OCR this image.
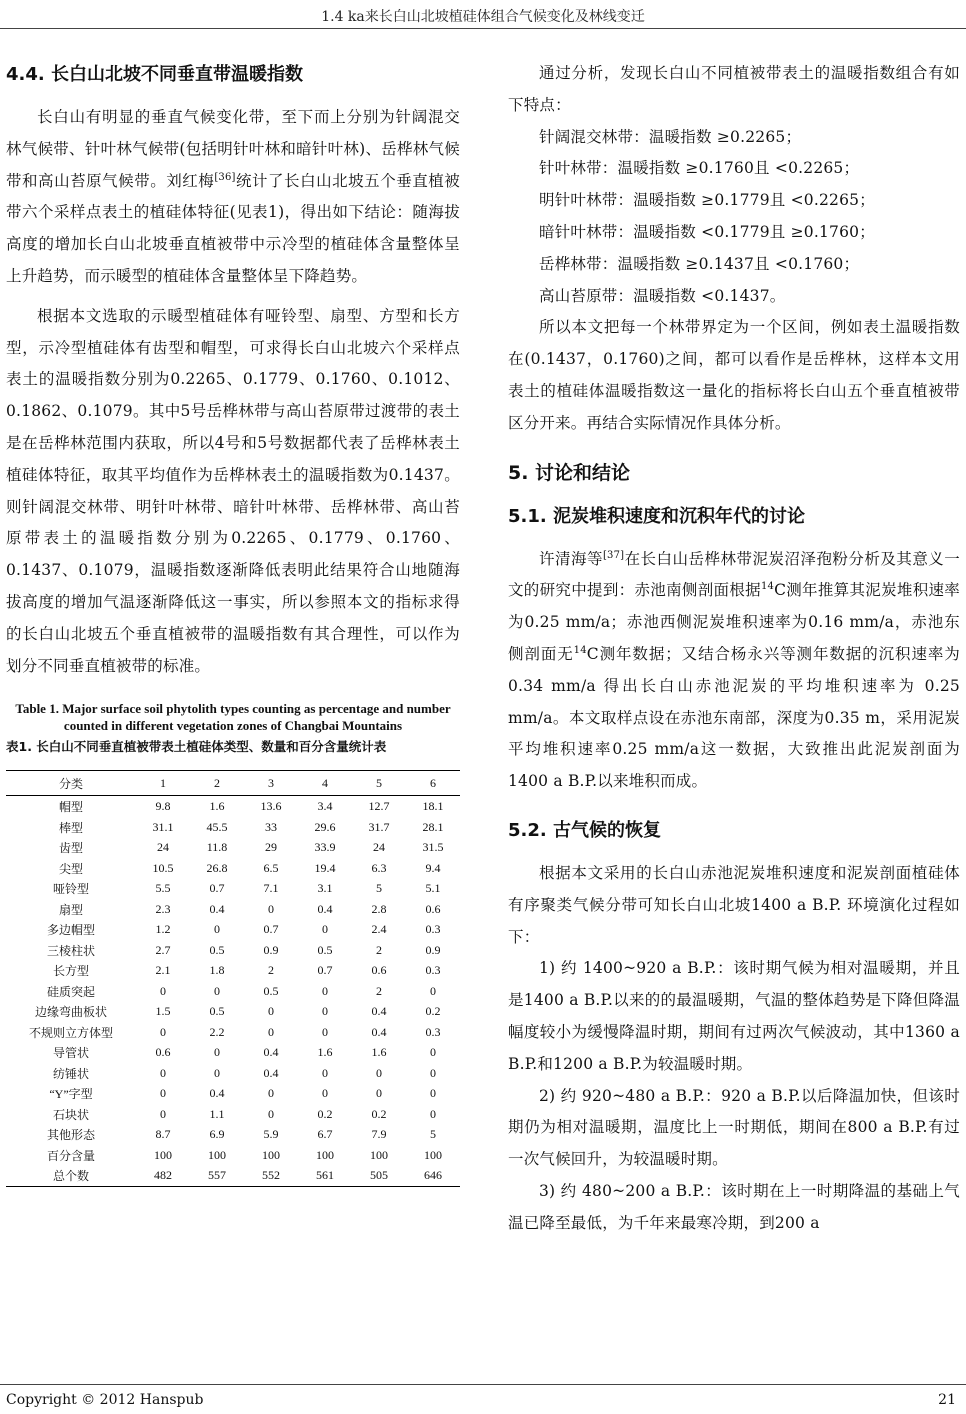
1.4 ka来长白山北坡植硅体组合气候变化及林线变迁
4.4. 长白山北坡不同垂直带温暖指数

长白山有明显的垂直气候变化带，至下而上分别为针阔混交林气候带、针叶林气候带(包括明针叶林和暗针叶林)、岳桦林气候带和高山苔原气候带。刘红梅[36]统计了长白山北坡五个垂直植被带六个采样点表土的植硅体特征(见表1)，得出如下结论：随海拔高度的增加长白山北坡垂直植被带中示冷型的植硅体含量整体呈上升趋势，而示暖型的植硅体含量整体呈下降趋势。

根据本文选取的示暖型植硅体有哑铃型、扇型、方型和长方型，示冷型植硅体有齿型和帽型，可求得长白山北坡六个采样点表土的温暖指数分别为0.2265、0.1779、0.1760、0.1012、0.1862、0.1079。其中5号岳桦林带与高山苔原带过渡带的表土是在岳桦林范围内获取，所以4号和5号数据都代表了岳桦林表土植硅体特征，取其平均值作为岳桦林表土的温暖指数为0.1437。则针阔混交林带、明针叶林带、暗针叶林带、岳桦林带、高山苔原带表土的温暖指数分别为0.2265、0.1779、0.1760、0.1437、0.1079，温暖指数逐渐降低表明此结果符合山地随海拔高度的增加气温逐渐降低这一事实，所以参照本文的指标求得的长白山北坡五个垂直植被带的温暖指数有其合理性，可以作为划分不同垂直植被带的标准。

Table 1. Major surface soil phytolith types counting as percentage and number counted in different vegetation zones of Changbai Mountains
表1. 长白山不同垂直植被带表土植硅体类型、数量和百分含量统计表
分类	1	2	3	4	5	6
帽型	9.8	1.6	13.6	3.4	12.7	18.1
棒型	31.1	45.5	33	29.6	31.7	28.1
齿型	24	11.8	29	33.9	24	31.5
尖型	10.5	26.8	6.5	19.4	6.3	9.4
哑铃型	5.5	0.7	7.1	3.1	5	5.1
扇型	2.3	0.4	0	0.4	2.8	0.6
多边帽型	1.2	0	0.7	0	2.4	0.3
三棱柱状	2.7	0.5	0.9	0.5	2	0.9
长方型	2.1	1.8	2	0.7	0.6	0.3
硅质突起	0	0	0.5	0	2	0
边缘弯曲板状	1.5	0.5	0	0	0.4	0.2
不规则立方体型	0	2.2	0	0	0.4	0.3
导管状	0.6	0	0.4	1.6	1.6	0
纺锤状	0	0	0.4	0	0	0
“Y”字型	0	0.4	0	0	0	0
石块状	0	1.1	0	0.2	0.2	0
其他形态	8.7	6.9	5.9	6.7	7.9	5
百分含量	100	100	100	100	100	100
总个数	482	557	552	561	505	646

通过分析，发现长白山不同植被带表土的温暖指数组合有如下特点：

针阔混交林带：温暖指数 ≥0.2265；

针叶林带：温暖指数 ≥0.1760且 <0.2265；

明针叶林带：温暖指数 ≥0.1779且 <0.2265；

暗针叶林带：温暖指数 <0.1779且 ≥0.1760；

岳桦林带：温暖指数 ≥0.1437且 <0.1760；

高山苔原带：温暖指数 <0.1437。

所以本文把每一个林带界定为一个区间，例如表土温暖指数在(0.1437，0.1760)之间，都可以看作是岳桦林，这样本文用表土的植硅体温暖指数这一量化的指标将长白山五个垂直植被带区分开来。再结合实际情况作具体分析。

5. 讨论和结论
5.1. 泥炭堆积速度和沉积年代的讨论

许清海等[37]在长白山岳桦林带泥炭沼泽孢粉分析及其意义一文的研究中提到：赤池南侧剖面根据$^{14}$C测年推算其泥炭堆积速率为0.25 mm/a；赤池西侧泥炭堆积速率为0.16 mm/a，赤池东侧剖面无$^{14}$C测年数据；又结合杨永兴等测年数据的沉积速率为 0.34 mm/a 得出长白山赤池泥炭的平均堆积速率为 0.25 mm/a。本文取样点设在赤池东南部，深度为0.35 m，采用泥炭平均堆积速率0.25 mm/a这一数据，大致推出此泥炭剖面为1400 a B.P.以来堆积而成。

5.2. 古气候的恢复

根据本文采用的长白山赤池泥炭堆积速度和泥炭剖面植硅体有序聚类气候分带可知长白山北坡1400 a B.P. 环境演化过程如下：

1) 约 1400~920 a B.P.：该时期气候为相对温暖期，并且是1400 a B.P.以来的的最温暖期，气温的整体趋势是下降但降温幅度较小为缓慢降温时期，期间有过两次气候波动，其中1360 a B.P.和1200 a B.P.为较温暖时期。

2) 约 920~480 a B.P.：920 a B.P.以后降温加快，但该时期仍为相对温暖期，温度比上一时期低，期间在800 a B.P.有过一次气候回升，为较温暖时期。

3) 约 480~200 a B.P.：该时期在上一时期降温的基础上气温已降至最低，为千年来最寒冷期，到200 a

Copyright © 2012 Hanspub	21
